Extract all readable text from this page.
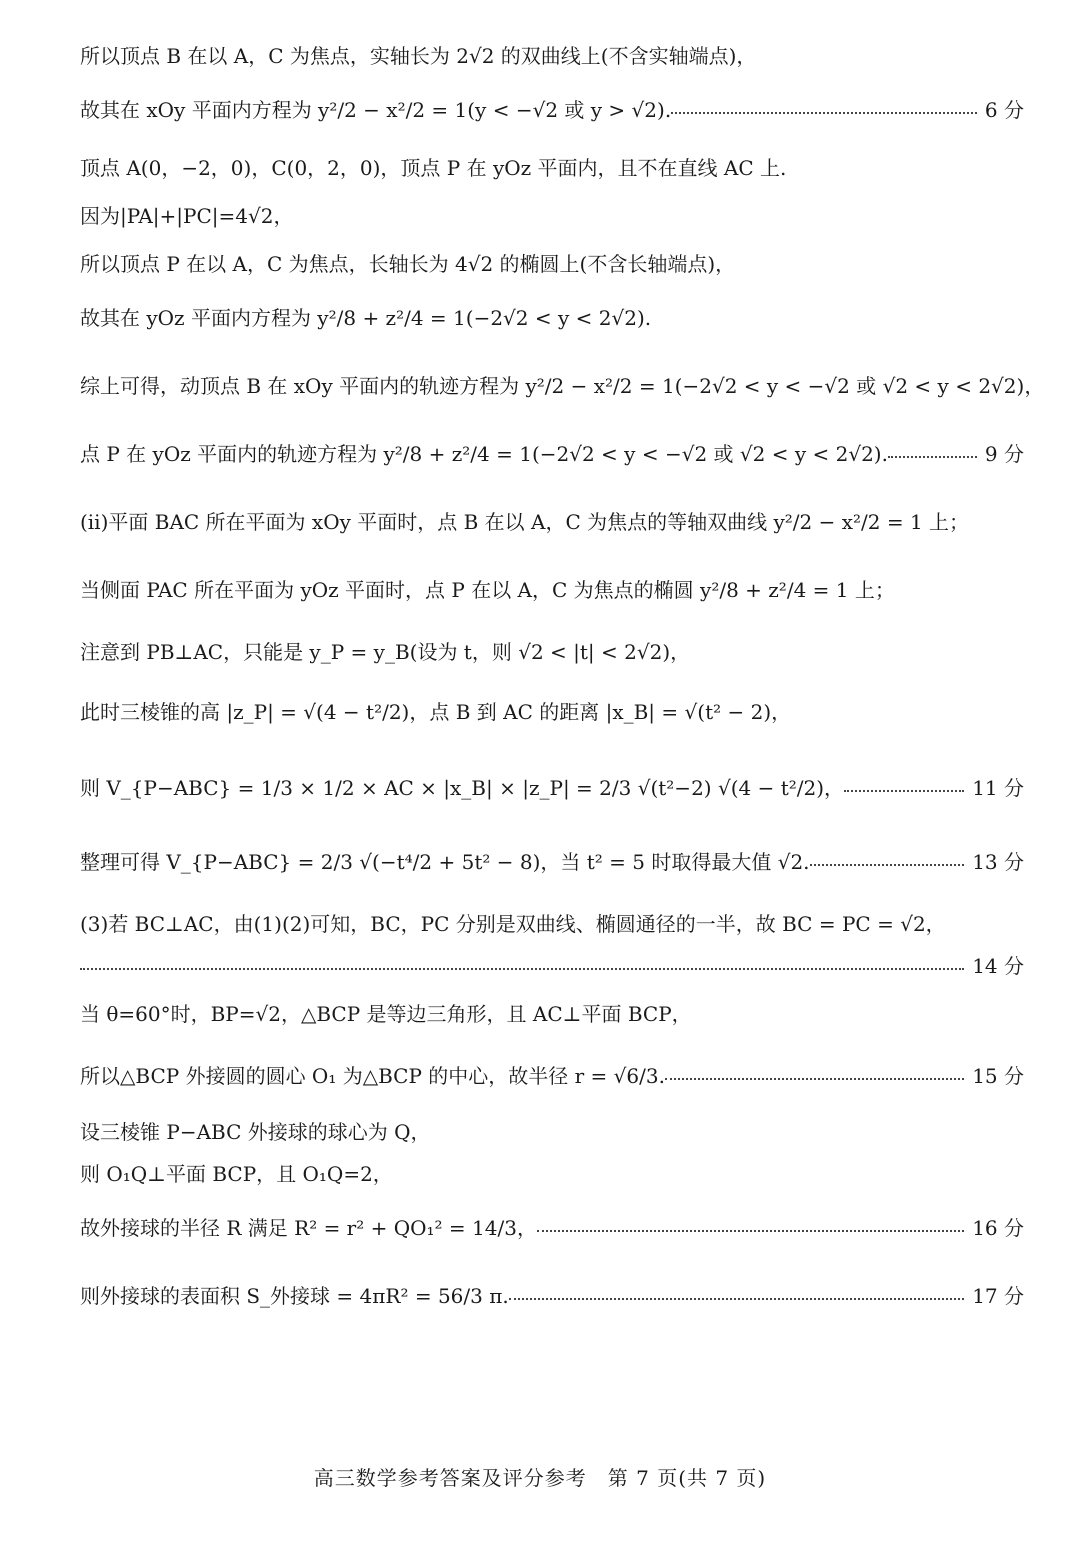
所以顶点 B 在以 A，C 为焦点，实轴长为 2√2 的双曲线上(不含实轴端点)，
故其在 xOy 平面内方程为 y²/2 − x²/2 = 1(y < −√2 或 y > √2).	6 分
顶点 A(0，−2，0)，C(0，2，0)，顶点 P 在 yOz 平面内，且不在直线 AC 上.
因为|PA|+|PC|=4√2，
所以顶点 P 在以 A，C 为焦点，长轴长为 4√2 的椭圆上(不含长轴端点)，
故其在 yOz 平面内方程为 y²/8 + z²/4 = 1(−2√2 < y < 2√2).
综上可得，动顶点 B 在 xOy 平面内的轨迹方程为 y²/2 − x²/2 = 1(−2√2 < y < −√2 或 √2 < y < 2√2)，
点 P 在 yOz 平面内的轨迹方程为 y²/8 + z²/4 = 1(−2√2 < y < −√2 或 √2 < y < 2√2).	9 分
(ⅱ)平面 BAC 所在平面为 xOy 平面时，点 B 在以 A，C 为焦点的等轴双曲线 y²/2 − x²/2 = 1 上；
当侧面 PAC 所在平面为 yOz 平面时，点 P 在以 A，C 为焦点的椭圆 y²/8 + z²/4 = 1 上；
注意到 PB⊥AC，只能是 y_P = y_B(设为 t，则 √2 < |t| < 2√2)，
此时三棱锥的高 |z_P| = √(4 − t²/2)，点 B 到 AC 的距离 |x_B| = √(t² − 2)，
则 V_{P−ABC} = 1/3 × 1/2 × AC × |x_B| × |z_P| = 2/3 √(t²−2) √(4 − t²/2)，	11 分
整理可得 V_{P−ABC} = 2/3 √(−t⁴/2 + 5t² − 8)，当 t² = 5 时取得最大值 √2.	13 分
(3)若 BC⊥AC，由(1)(2)可知，BC，PC 分别是双曲线、椭圆通径的一半，故 BC = PC = √2，
14 分
当 θ=60°时，BP=√2，△BCP 是等边三角形，且 AC⊥平面 BCP，
所以△BCP 外接圆的圆心 O₁ 为△BCP 的中心，故半径 r = √6/3.	15 分
设三棱锥 P−ABC 外接球的球心为 Q，
则 O₁Q⊥平面 BCP，且 O₁Q=2，
故外接球的半径 R 满足 R² = r² + QO₁² = 14/3，	16 分
则外接球的表面积 S_外接球 = 4πR² = 56/3 π.	17 分
高三数学参考答案及评分参考　第 7 页(共 7 页)
